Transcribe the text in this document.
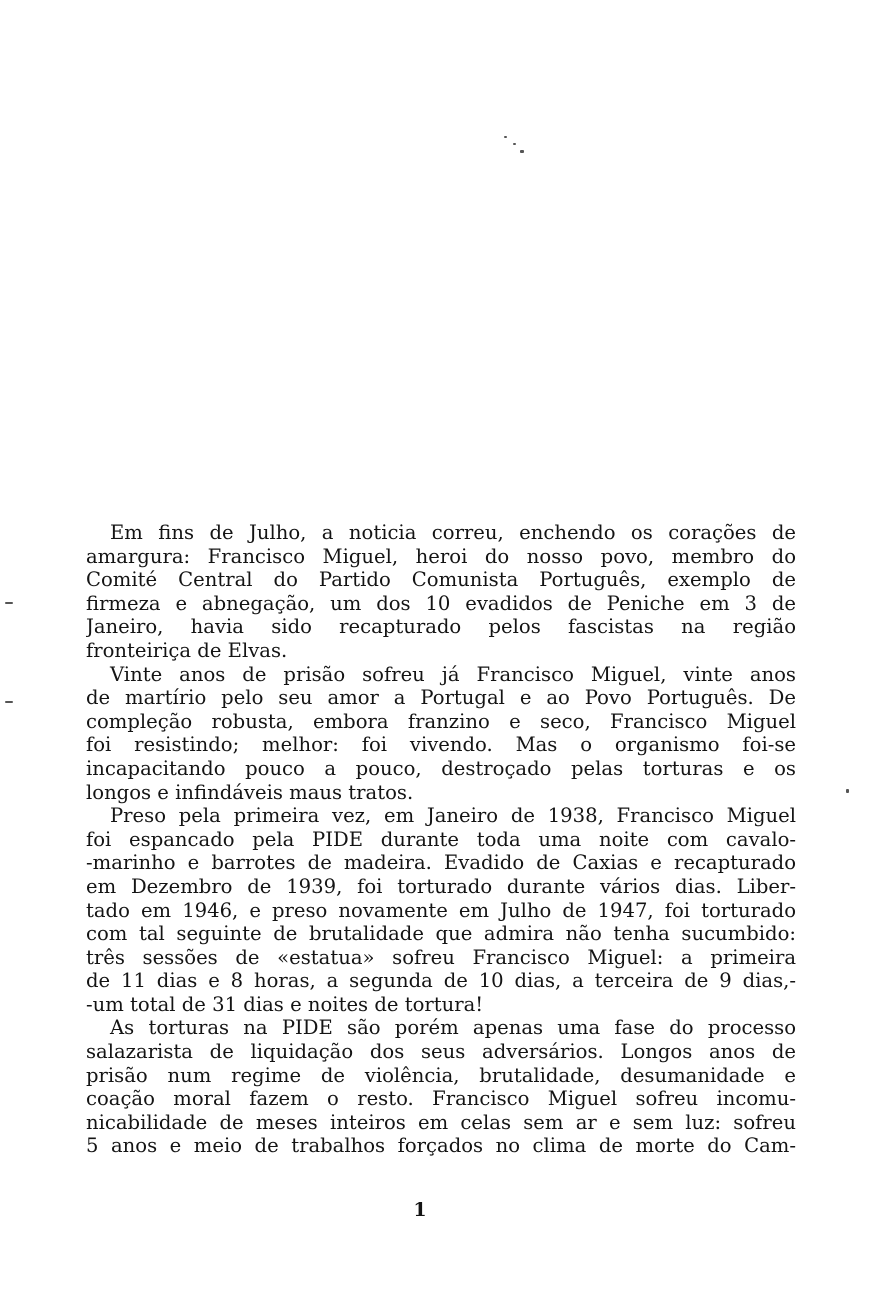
Em fins de Julho, a noticia correu, enchendo os corações de
amargura: Francisco Miguel, heroi do nosso povo, membro do
Comité Central do Partido Comunista Português, exemplo de
firmeza e abnegação, um dos 10 evadidos de Peniche em 3 de
Janeiro, havia sido recapturado pelos fascistas na região
fronteiriça de Elvas.
Vinte anos de prisão sofreu já Francisco Miguel, vinte anos
de martírio pelo seu amor a Portugal e ao Povo Português. De
compleção robusta, embora franzino e seco, Francisco Miguel
foi resistindo; melhor: foi vivendo. Mas o organismo foi-se
incapacitando pouco a pouco, destroçado pelas torturas e os
longos e infindáveis maus tratos.
Preso pela primeira vez, em Janeiro de 1938, Francisco Miguel
foi espancado pela PIDE durante toda uma noite com cavalo-
-marinho e barrotes de madeira. Evadido de Caxias e recapturado
em Dezembro de 1939, foi torturado durante vários dias. Liber-
tado em 1946, e preso novamente em Julho de 1947, foi torturado
com tal seguinte de brutalidade que admira não tenha sucumbido:
três sessões de «estatua» sofreu Francisco Miguel: a primeira
de 11 dias e 8 horas, a segunda de 10 dias, a terceira de 9 dias,-
-um total de 31 dias e noites de tortura!
As torturas na PIDE são porém apenas uma fase do processo
salazarista de liquidação dos seus adversários. Longos anos de
prisão num regime de violência, brutalidade, desumanidade e
coação moral fazem o resto. Francisco Miguel sofreu incomu-
nicabilidade de meses inteiros em celas sem ar e sem luz: sofreu
5 anos e meio de trabalhos forçados no clima de morte do Cam-
1
